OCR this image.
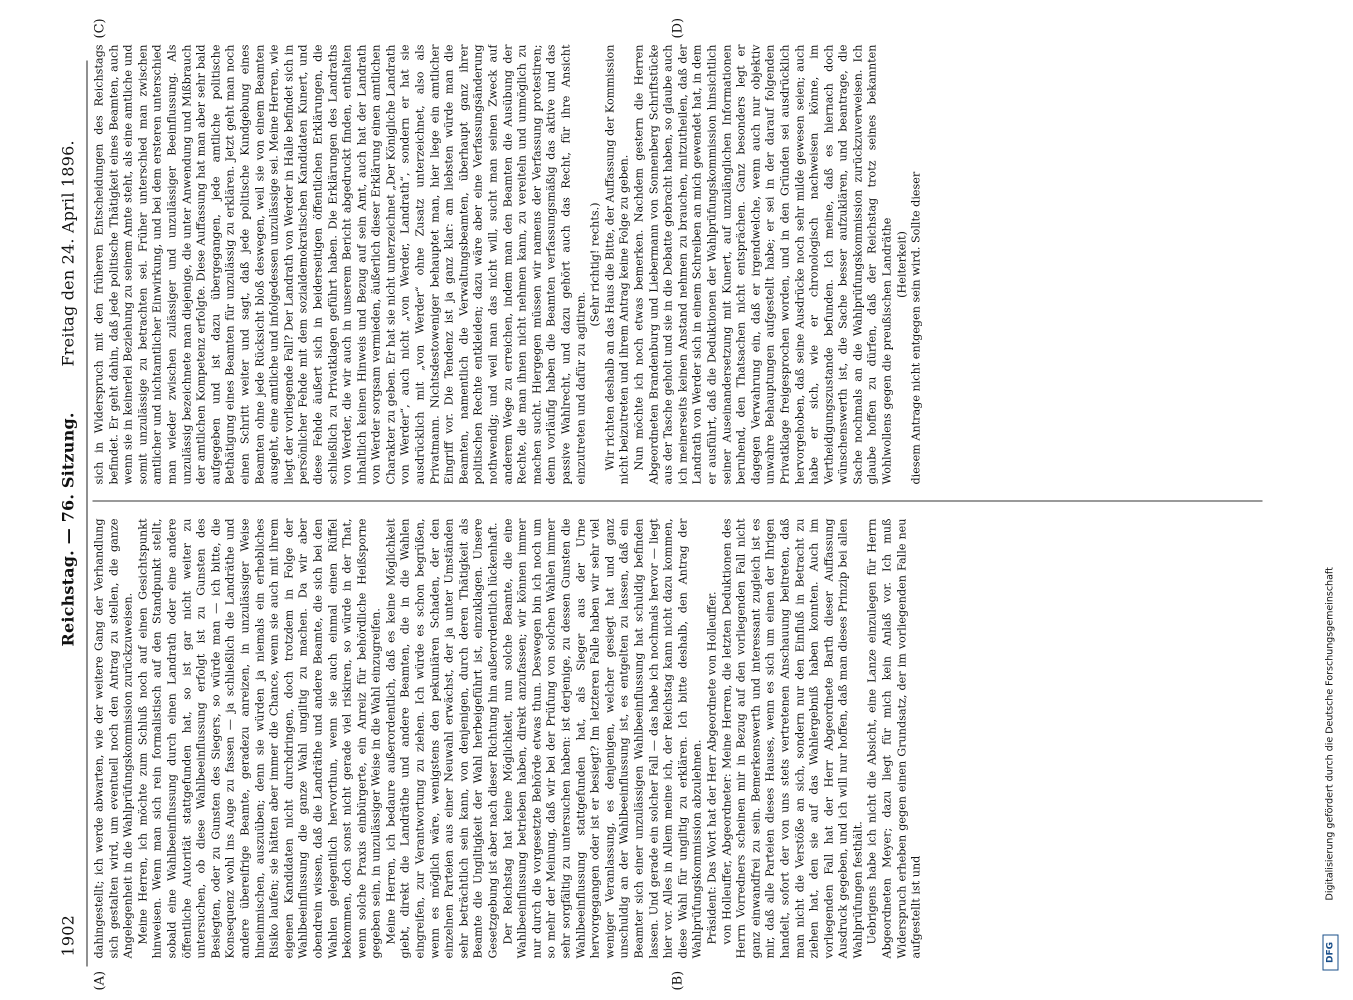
1902
Reichstag. — 76. Sitzung.
Freitag den 24. April 1896.
(A)	(B)
(C)	(D)

dahingestellt; ich werde abwarten, wie der weitere Gang der Verhandlung sich gestalten wird, um eventuell noch den Antrag zu stellen, die ganze Angelegenheit in die Wahlprüfungskommission zurückzuweisen. Meine Herren, ich möchte zum Schluß noch auf einen Gesichtspunkt hinweisen. Wenn man sich rein formalistisch auf den Standpunkt stellt, sobald eine Wahlbeeinflussung durch einen Landrath oder eine andere öffentliche Autorität stattgefunden hat, so ist gar nicht weiter zu untersuchen, ob diese Wahlbeeinflussung erfolgt ist zu Gunsten des Besiegten, oder zu Gunsten des Siegers, so würde man — ich bitte, die Konsequenz wohl ins Auge zu fassen — ja schließlich die Landräthe und andere übereifrige Beamte, geradezu anreizen, in unzulässiger Weise hineinmischen, auszuüben; denn sie würden ja niemals ein erhebliches Risiko laufen; sie hätten aber immer die Chance, wenn sie auch mit ihrem eigenen Kandidaten nicht durchdringen, doch trotzdem in Folge der Wahlbeeinflussung die ganze Wahl ungiltig zu machen. Da wir aber obendrein wissen, daß die Landräthe und andere Beamte, die sich bei den Wahlen gelegentlich hervorthun, wenn sie auch einmal einen Rüffel bekommen, doch sonst nicht gerade viel riskiren, so würde in der That, wenn solche Praxis einbürgerte, ein Anreiz für behördliche Heißsporne gegeben sein, in unzulässiger Weise in die Wahl einzugreifen. Meine Herren, ich bedaure außerordentlich, daß es keine Möglichkeit giebt, direkt die Landräthe und andere Beamten, die in die Wahlen eingreifen, zur Verantwortung zu ziehen. Ich würde es schon begrüßen, wenn es möglich wäre, wenigstens den pekuniären Schaden, der den einzelnen Parteien aus einer Neuwahl erwächst, der ja unter Umständen sehr beträchtlich sein kann, von denjenigen, durch deren Thätigkeit als Beamte die Ungiltigkeit der Wahl herbeigeführt ist, einzuklagen. Unsere Gesetzgebung ist aber nach dieser Richtung hin außerordentlich lückenhaft. Der Reichstag hat keine Möglichkeit, nun solche Beamte, die eine Wahlbeeinflussung betrieben haben, direkt anzufassen; wir können immer nur durch die vorgesetzte Behörde etwas thun. Deswegen bin ich noch um so mehr der Meinung, daß wir bei der Prüfung von solchen Wahlen immer sehr sorgfältig zu untersuchen haben: ist derjenige, zu dessen Gunsten die Wahlbeeinflussung stattgefunden hat, als Sieger aus der Urne hervorgegangen oder ist er besiegt? Im letzteren Falle haben wir sehr viel weniger Veranlassung, es denjenigen, welcher gesiegt hat und ganz unschuldig an der Wahlbeeinflussung ist, es entgelten zu lassen, daß ein Beamter sich einer unzulässigen Wahlbeeinflussung hat schuldig befinden lassen. Und gerade ein solcher Fall — das habe ich nochmals hervor — liegt hier vor. Alles in Allem meine ich, der Reichstag kann nicht dazu kommen, diese Wahl für ungiltig zu erklären. Ich bitte deshalb, den Antrag der Wahlprüfungskommission abzulehnen. Präsident: Das Wort hat der Herr Abgeordnete von Holleuffer. von Holleuffer, Abgeordneter: Meine Herren, die letzten Deduktionen des Herrn Vorredners scheinen mir in Bezug auf den vorliegenden Fall nicht ganz einwandfrei zu sein. Bemerkenswerth und interessant zugleich ist es mir, daß alle Parteien dieses Hauses, wenn es sich um einen der Ihrigen handelt, sofort der von uns stets vertretenen Anschauung beitreten, daß man nicht die Verstöße an sich, sondern nur den Einfluß in Betracht zu ziehen hat, den sie auf das Wahlergebniß haben konnten. Auch im vorliegenden Fall hat der Herr Abgeordnete Barth dieser Auffassung Ausdruck gegeben, und ich will nur hoffen, daß man dieses Prinzip bei allen Wahlprüfungen festhält. Uebrigens habe ich nicht die Absicht, eine Lanze einzulegen für Herrn Abgeordneten Meyer; dazu liegt für mich kein Anlaß vor. Ich muß Widerspruch erheben gegen einen Grundsatz, der im vorliegenden Falle neu aufgestellt ist und

sich in Widerspruch mit den früheren Entscheidungen des Reichstags befindet. Er geht dahin, daß jede politische Thätigkeit eines Beamten, auch wenn sie in keinerlei Beziehung zu seinem Amte steht, als eine amtliche und somit unzulässige zu betrachten sei. Früher unterschied man zwischen amtlicher und nichtamtlicher Einwirkung, und bei dem ersteren unterschied man wieder zwischen zulässiger und unzulässiger Beeinflussung. Als unzulässig bezeichnete man diejenige, die unter Anwendung und Mißbrauch der amtlichen Kompetenz erfolgte. Diese Auffassung hat man aber sehr bald aufgegeben und ist dazu übergegangen, jede amtliche politische Bethätigung eines Beamten für unzulässig zu erklären. Jetzt geht man noch einen Schritt weiter und sagt, daß jede politische Kundgebung eines Beamten ohne jede Rücksicht bloß deswegen, weil sie von einem Beamten ausgeht, eine amtliche und infolgedessen unzulässige sei. Meine Herren, wie liegt der vorliegende Fall? Der Landrath von Werder in Halle befindet sich in persönlicher Fehde mit dem sozialdemokratischen Kandidaten Kunert, und diese Fehde äußert sich in beiderseitigen öffentlichen Erklärungen, die schließlich zu Privatklagen geführt haben. Die Erklärungen des Landraths von Werder, die wir auch in unserem Bericht abgedruckt finden, enthalten inhaltlich keinen Hinweis und Bezug auf sein Amt, auch hat der Landrath von Werder sorgsam vermieden, äußerlich dieser Erklärung einen amtlichen Charakter zu geben. Er hat sie nicht unterzeichnet „Der Königliche Landrath von Werder“, auch nicht „von Werder, Landrath“, sondern er hat sie ausdrücklich mit „von Werder“ ohne Zusatz unterzeichnet, also als Privatmann. Nichtsdestoweniger behauptet man, hier liege ein amtlicher Eingriff vor. Die Tendenz ist ja ganz klar: am liebsten würde man die Beamten, namentlich die Verwaltungsbeamten, überhaupt ganz ihrer politischen Rechte entkleiden; dazu wäre aber eine Verfassungsänderung nothwendig; und weil man das nicht will, sucht man seinen Zweck auf anderem Wege zu erreichen, indem man den Beamten die Ausübung der Rechte, die man ihnen nicht nehmen kann, zu vereiteln und unmöglich zu machen sucht. Hiergegen müssen wir namens der Verfassung protestiren; denn vorläufig haben die Beamten verfassungsmäßig das aktive und das passive Wahlrecht, und dazu gehört auch das Recht, für ihre Ansicht einzutreten und dafür zu agitiren.

(Sehr richtig! rechts.) Wir richten deshalb an das Haus die Bitte, der Auffassung der Kommission nicht beizutreten und ihrem Antrag keine Folge zu geben. Nun möchte ich noch etwas bemerken. Nachdem gestern die Herren Abgeordneten Brandenburg und Liebermann von Sonnenberg Schriftstücke aus der Tasche geholt und sie in die Debatte gebracht haben, so glaube auch ich meinerseits keinen Anstand nehmen zu brauchen, mitzutheilen, daß der Landrath von Werder sich in einem Schreiben an mich gewendet hat, in dem er ausführt, daß die Deduktionen der Wahlprüfungskommission hinsichtlich seiner Auseinandersetzung mit Kunert, auf unzulänglichen Informationen beruhend, den Thatsachen nicht entsprächen. Ganz besonders legt er dagegen Verwahrung ein, daß er irgendwelche, wenn auch nur objektiv unwahre Behauptungen aufgestellt habe; er sei in der darauf folgenden Privatklage freigesprochen worden, und in den Gründen sei ausdrücklich hervorgehoben, daß seine Ausdrücke noch sehr milde gewesen seien; auch habe er sich, wie er chronologisch nachweisen könne, im Vertheidigungszustande befunden. Ich meine, daß es hiernach doch wünschenswerth ist, die Sache besser aufzuklären, und beantrage, die Sache nochmals an die Wahlprüfungskommission zurückzuverweisen. Ich glaube hoffen zu dürfen, daß der Reichstag trotz seines bekannten Wohlwollens gegen die preußischen Landräthe (Heiterkeit) diesem Antrage nicht entgegen sein wird. Sollte dieser

DFG
Digitalisierung gefördert durch die Deutsche Forschungsgemeinschaft
